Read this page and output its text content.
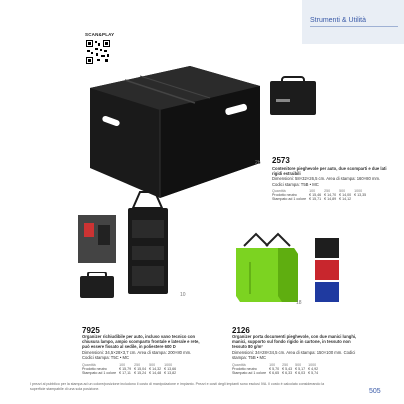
Strumenti & Utilità
SCAN&PLAY
2b 2573
Contenitore pieghevole per auto, due scomparti e due lati rigidi estraibili
Dimensioni: 58×32×26,5 cm. Area di stampa: 160×80 mm. Codici stampa: T5B • MC
Quantità	100	250	500	1000
Prodotto neutro	€ 15,46	€ 14,70	€ 14,00	€ 13,35
Stampato ad 1 colore	€ 15,71	€ 14,89	€ 14,12	
10
18
7925
Organizer richiudibile per auto, incluso vano tecnico con chiusura lampo, ampio scomparto frontale e laterale e rete, può essere fissato al sedile, in poliestere 600 D
Dimensioni: 34,5×28×3,7 cm. Area di stampa: 200×80 mm. Codici stampa: T5C • MC
Quantità	100	250	500	1000
Prodotto neutro	€ 15,79	€ 15,04	€ 14,32	€ 13,66
Stampato ad 1 colore	€ 17,11	€ 15,24	€ 14,48	€ 13,82
2126
Organizer porta documenti pieghevole, con due manici lunghi, manici, supporto sul fondo rigido in cartone, in tessuto non tessuto 80 g/m²
Dimensioni: 34×28×34,5 cm. Area di stampa: 150×100 mm. Codici stampa: T5B • MC
Quantità	100	250	500	1000
Prodotto neutro	€ 5,70	€ 5,43	€ 5,17	€ 4,92
Stampato ad 1 colore	€ 6,65	€ 6,33	€ 6,03	€ 5,74
I prezzi al pubblico per la stampa ad un colore/posizione includono il costo di manipolazione e impianto. Prezzi e costi degli impianti sono esclusi IVA. Il costo è calcolato considerando la superficie stampabile di una sola posizione.	505
